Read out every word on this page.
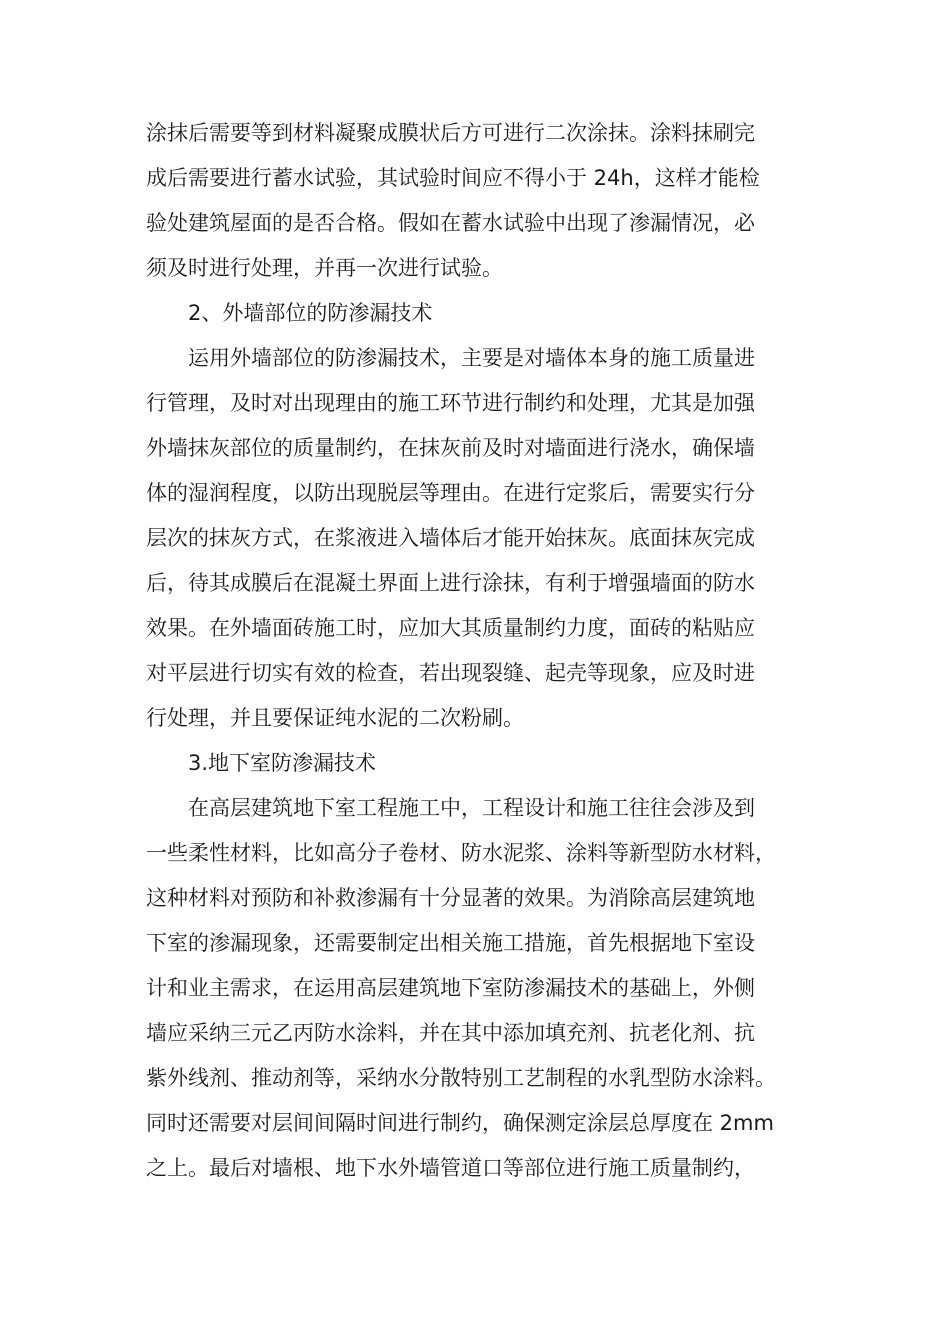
涂抹后需要等到材料凝聚成膜状后方可进行二次涂抹。涂料抹刷完
成后需要进行蓄水试验，其试验时间应不得小于 24h，这样才能检
验处建筑屋面的是否合格。假如在蓄水试验中出现了渗漏情况，必
须及时进行处理，并再一次进行试验。
2、外墙部位的防渗漏技术
运用外墙部位的防渗漏技术，主要是对墙体本身的施工质量进
行管理，及时对出现理由的施工环节进行制约和处理，尤其是加强
外墙抹灰部位的质量制约，在抹灰前及时对墙面进行浇水，确保墙
体的湿润程度，以防出现脱层等理由。在进行定浆后，需要实行分
层次的抹灰方式，在浆液进入墙体后才能开始抹灰。底面抹灰完成
后，待其成膜后在混凝土界面上进行涂抹，有利于增强墙面的防水
效果。在外墙面砖施工时，应加大其质量制约力度，面砖的粘贴应
对平层进行切实有效的检查，若出现裂缝、起壳等现象，应及时进
行处理，并且要保证纯水泥的二次粉刷。
3.地下室防渗漏技术
在高层建筑地下室工程施工中，工程设计和施工往往会涉及到
一些柔性材料，比如高分子卷材、防水泥浆、涂料等新型防水材料，
这种材料对预防和补救渗漏有十分显著的效果。为消除高层建筑地
下室的渗漏现象，还需要制定出相关施工措施，首先根据地下室设
计和业主需求，在运用高层建筑地下室防渗漏技术的基础上，外侧
墙应采纳三元乙丙防水涂料，并在其中添加填充剂、抗老化剂、抗
紫外线剂、推动剂等，采纳水分散特别工艺制程的水乳型防水涂料。
同时还需要对层间间隔时间进行制约，确保测定涂层总厚度在 2mm
之上。最后对墙根、地下水外墙管道口等部位进行施工质量制约，
